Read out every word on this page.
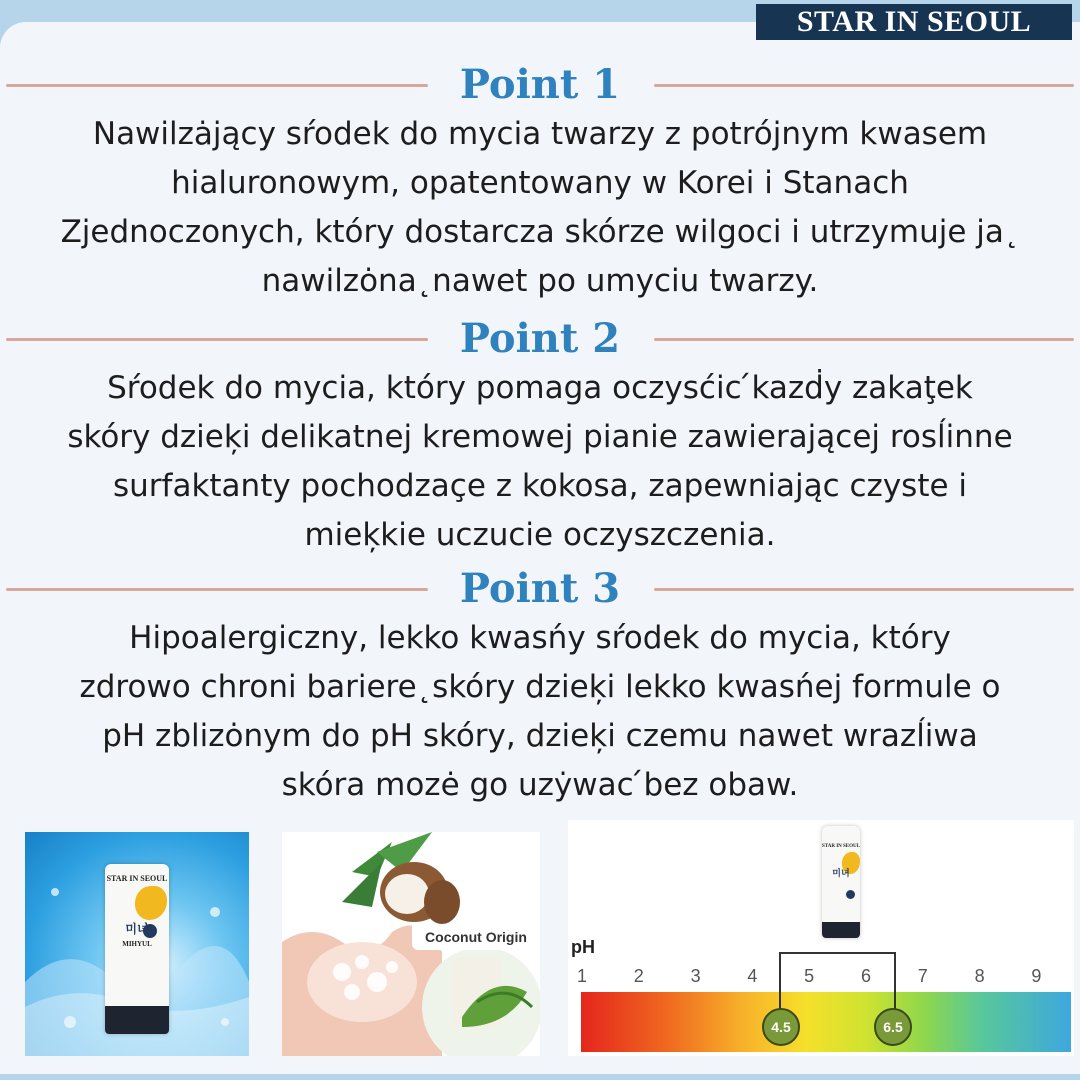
STAR IN SEOUL
Point 1
Nawilzȧjący sŕodek do mycia twarzy z potrójnym kwasem
hialuronowym, opatentowany w Korei i Stanach
Zjednoczonych, który dostarcza skórze wilgoci i utrzymuje ja˛
nawilzȯna˛nawet po umyciu twarzy.
Point 2
Sŕodek do mycia, który pomaga oczysćic ́kazḋy zakaţek
skóry dzieķi delikatnej kremowej pianie zawierającej rosĺinne
surfaktanty pochodzaçe z kokosa, zapewniając czyste i
mieķkie uczucie oczyszczenia.
Point 3
Hipoalergiczny, lekko kwasńy sŕodek do mycia, który
zdrowo chroni bariere˛skóry dzieķi lekko kwasńej formule o
pH zblizȯnym do pH skóry, dzieķi czemu nawet wrazĺiwa
skóra mozė go uzẏwac ́bez obaw.
STAR IN SEOUL
미녀
MIHYUL	Coconut Origin
STAR IN SEOUL
미녀
pH
1	2	3	4	5	6	7	8	9
4.5	6.5
